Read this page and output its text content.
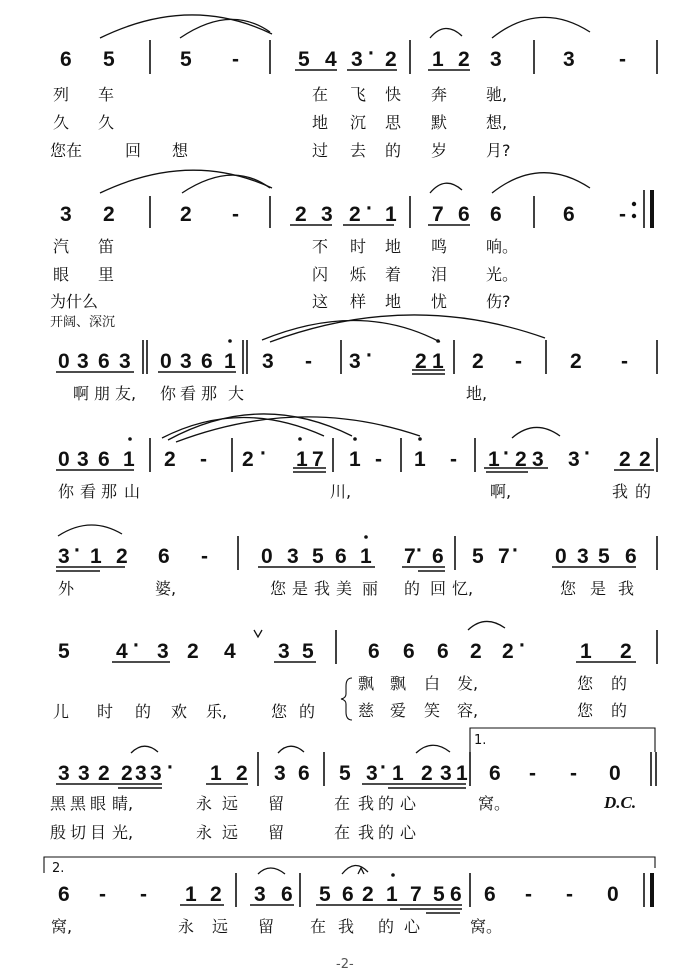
开阔、深沉
1.
D.C.
2.
-2-
6 5	5 -	5 4 3 · 2 1 2 3	3 -
列 车	在 飞 快 奔 驰,
久 久	地 沉 思 默 想,
您在	回 想	过 去 的 岁 月?
3 2	2 -	2 3 2 · 1 7 6 6	6 -
汽 笛	不 时 地 鸣 响。
眼 里	闪 烁 着 泪 光。
为什么	这 样 地 忧 伤?
0 3 6 3 0 3 6 1 3 - 3 · 2 1 2 - 2 -
啊 朋 友, 你 看 那 大	地,
0 3 6 1 2 - 2 · 1 7 1 - 1 - 1 · 2 3 3 · 2 2
你 看 那 山	川,	啊,	我 的
3 · 1 2 6 -	0 3 5 6 1 7 · 6 5 7 · 0 3 5 6
外	婆,	您 是 我 美 丽 的 回 忆,	您 是 我
5 4 · 3 2 4 3 5	6 6 6 2 2 ·	1 2
儿 时 的 欢 乐,	您 的
飘 飘 白 发,	您 的
慈 爱 笑 容,	您 的
3 3 2 2 3 3 · 1 2 3 6 5 3 · 1 2 3 1 6 - - 0
黑 黑 眼 睛,	永 远 留	在 我 的 心	窝。
殷 切 目 光,	永 远 留	在 我 的 心
6 - - 1 2 3 6 5 6 2 1 7 5 6 6 - - 0
窝,	永 远 留 在 我 的 心	窝。
